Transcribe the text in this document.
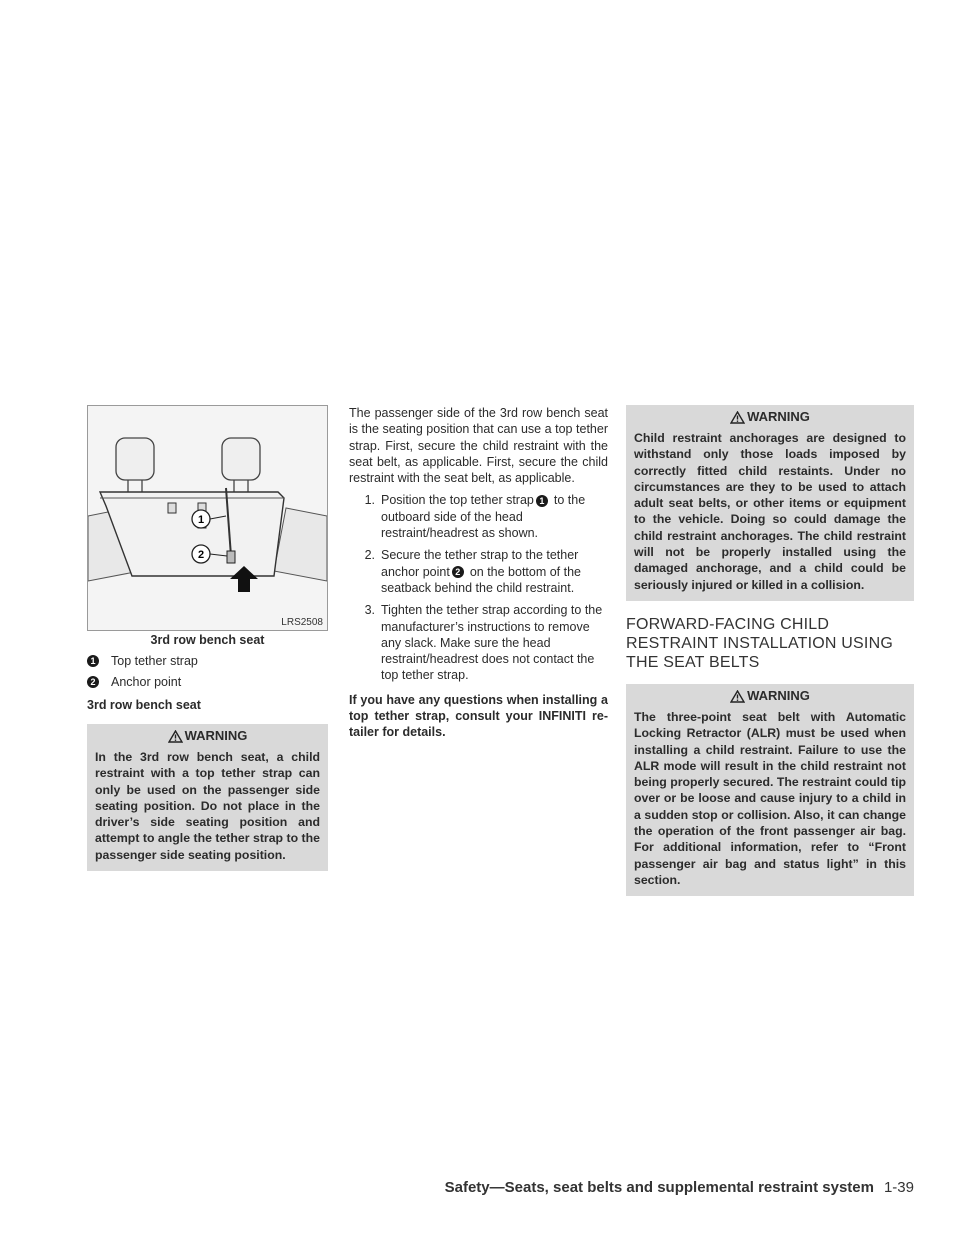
1
2
LRS2508
3rd row bench seat
1 Top tether strap
2 Anchor point
3rd row bench seat
WARNING
In the 3rd row bench seat, a child restraint with a top tether strap can only be used on the passenger side seating position. Do not place in the driver’s side seating position and attempt to angle the tether strap to the passenger side seating position.

The passenger side of the 3rd row bench seat is the seating position that can use a top tether strap. First, secure the child restraint with the seat belt, as applicable. First, secure the child restraint with the seat belt, as applicable.

1. Position the top tether strap 1 to the outboard side of the head restraint/headrest as shown.
2. Secure the tether strap to the tether anchor point 2 on the bottom of the seatback behind the child restraint.
3. Tighten the tether strap according to the manufacturer’s instructions to remove any slack. Make sure the head restraint/headrest does not contact the top tether strap.

If you have any questions when installing a top tether strap, consult your INFINITI retailer for details.

WARNING
Child restraint anchorages are designed to withstand only those loads imposed by correctly fitted child restaints. Under no circumstances are they to be used to attach adult seat belts, or other items or equipment to the vehicle. Doing so could damage the child restraint anchorages. The child restraint will not be properly installed using the damaged anchorage, and a child could be seriously injured or killed in a collision.
FORWARD-FACING CHILD RESTRAINT INSTALLATION USING THE SEAT BELTS
WARNING
The three-point seat belt with Automatic Locking Retractor (ALR) must be used when installing a child restraint. Failure to use the ALR mode will result in the child restraint not being properly secured. The restraint could tip over or be loose and cause injury to a child in a sudden stop or collision. Also, it can change the operation of the front passenger air bag. For additional information, refer to “Front passenger air bag and status light” in this section.
Safety—Seats, seat belts and supplemental restraint system 1-39
